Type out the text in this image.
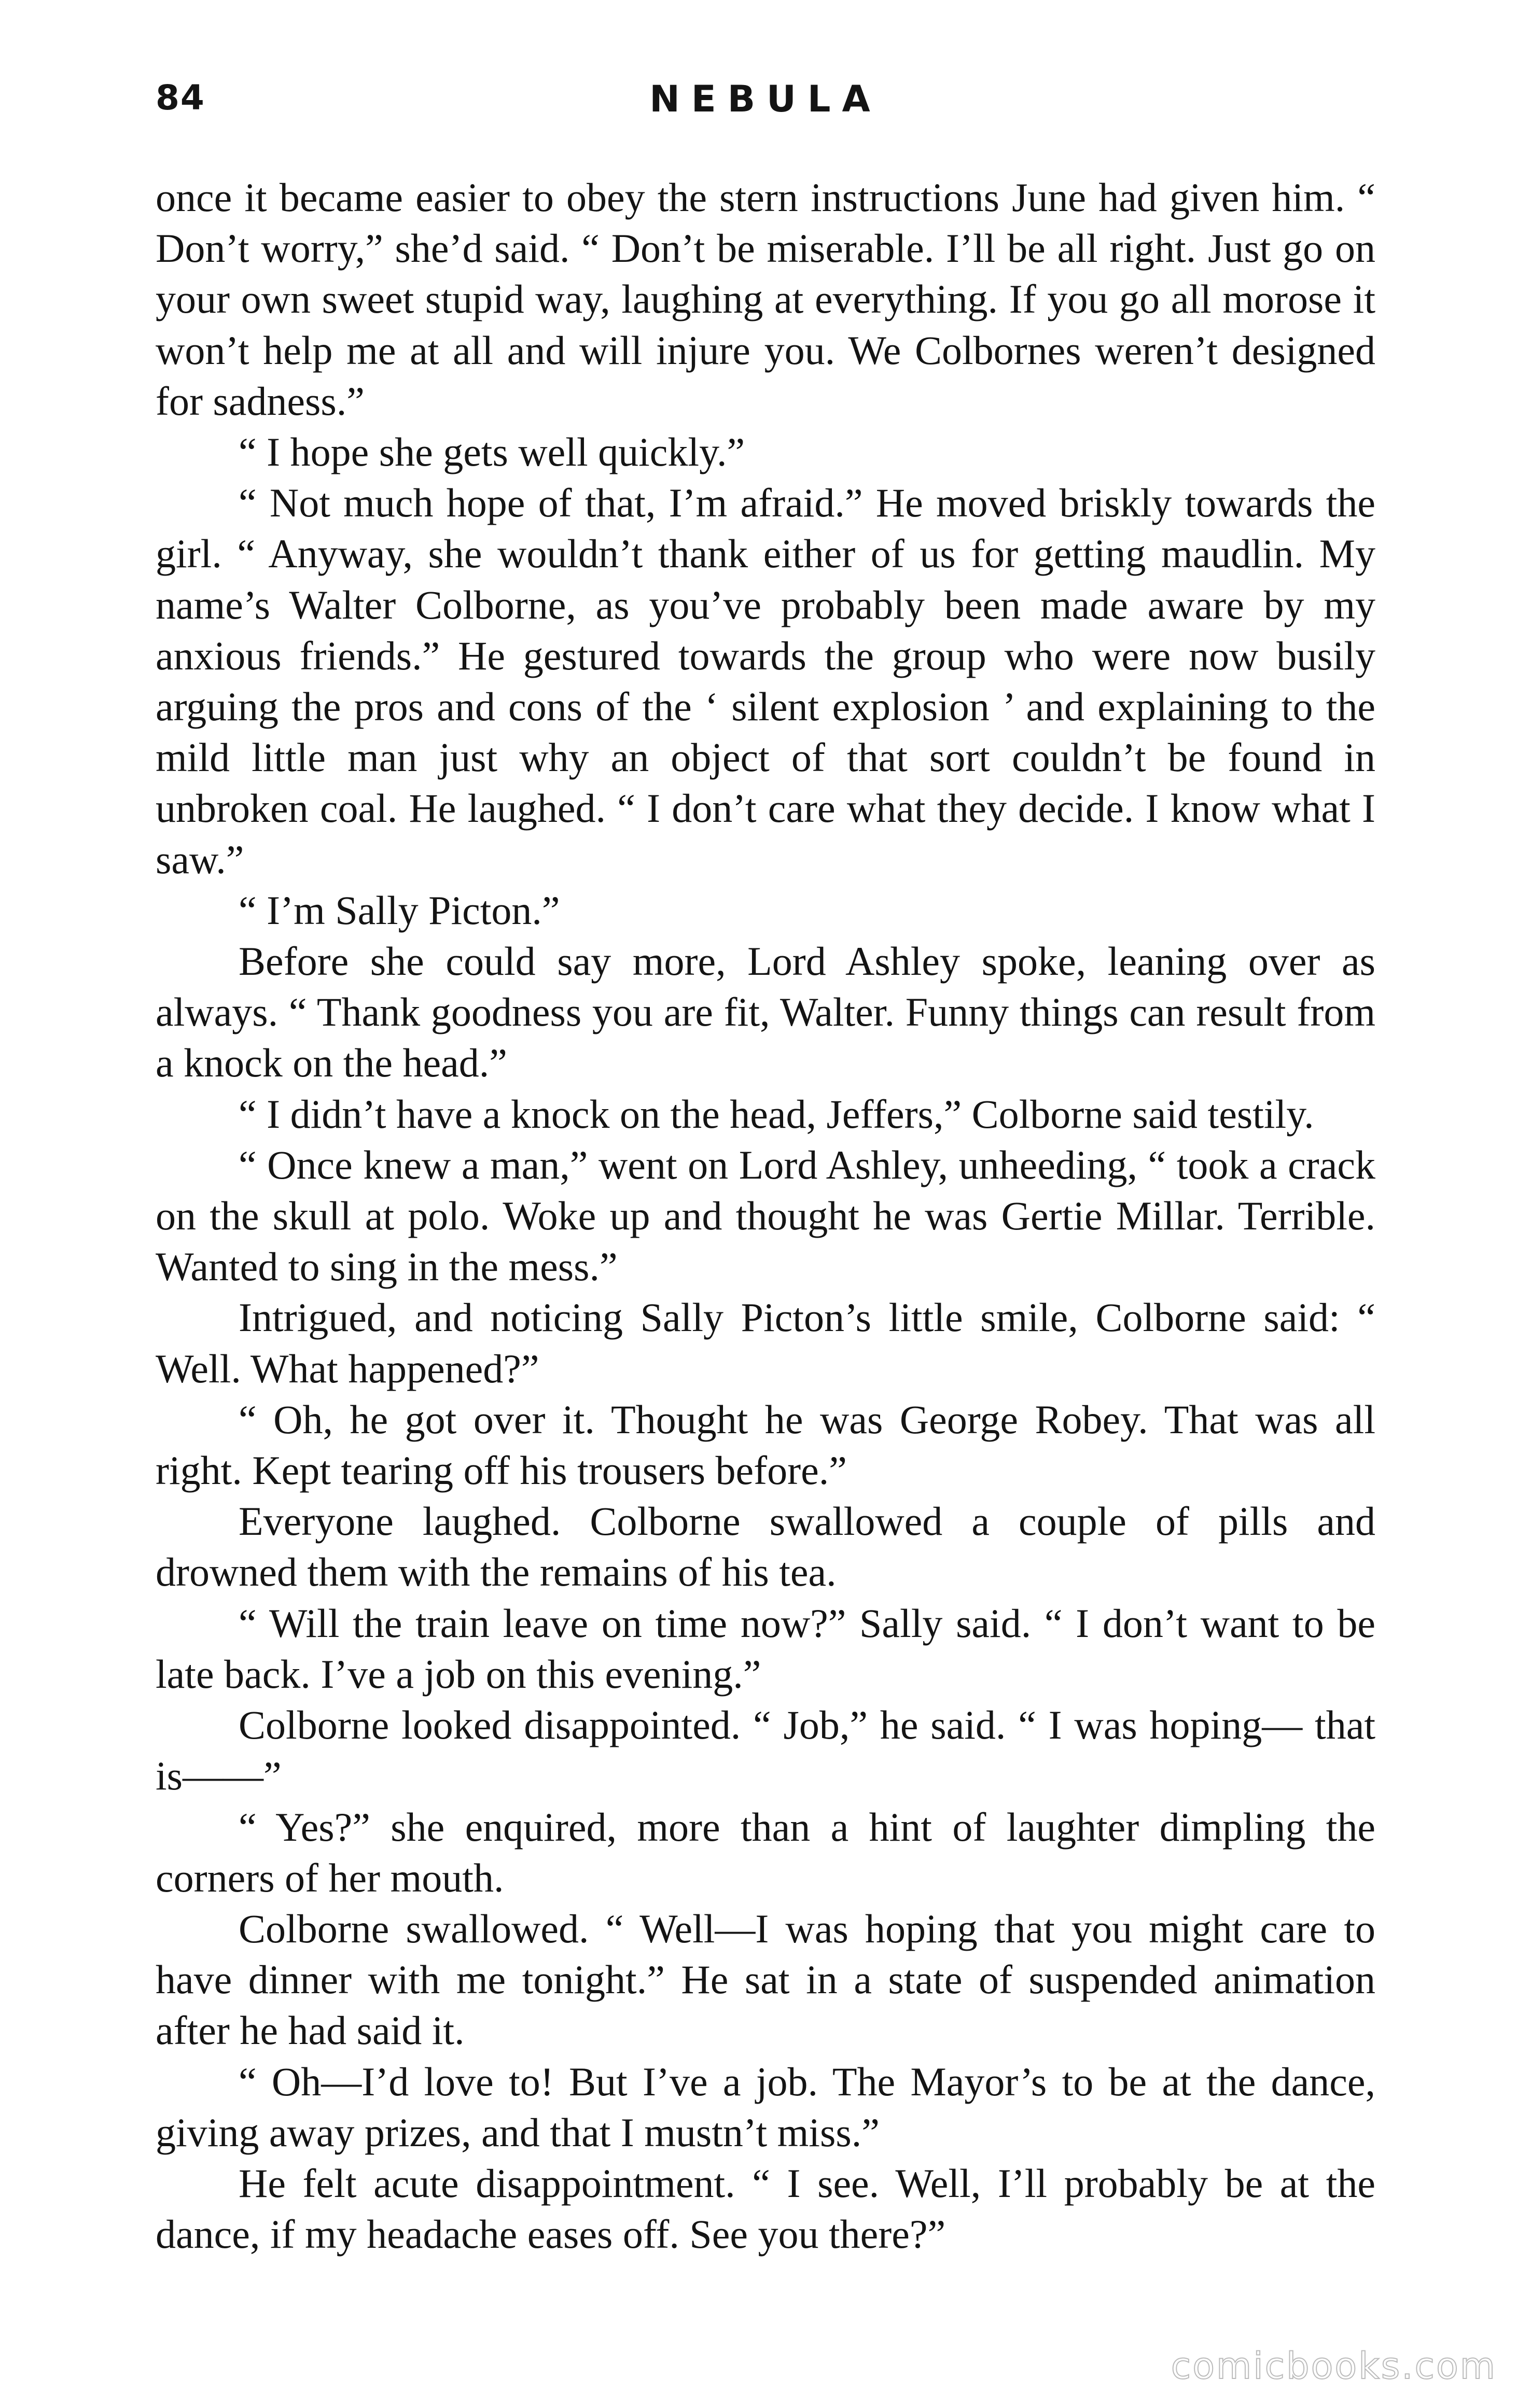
84	NEBULA

once it became easier to obey the stern instructions June had given him. “ Don’t worry,” she’d said. “ Don’t be miserable. I’ll be all right. Just go on your own sweet stupid way, laughing at everything. If you go all morose it won’t help me at all and will injure you. We Colbornes weren’t designed for sadness.”

“ I hope she gets well quickly.”

“ Not much hope of that, I’m afraid.” He moved briskly towards the girl. “ Anyway, she wouldn’t thank either of us for getting maudlin. My name’s Walter Colborne, as you’ve probably been made aware by my anxious friends.” He gestured towards the group who were now busily arguing the pros and cons of the ‘ silent explosion ’ and explaining to the mild little man just why an object of that sort couldn’t be found in unbroken coal. He laughed. “ I don’t care what they decide. I know what I saw.”

“ I’m Sally Picton.”

Before she could say more, Lord Ashley spoke, leaning over as always. “ Thank goodness you are fit, Walter. Funny things can result from a knock on the head.”

“ I didn’t have a knock on the head, Jeffers,” Colborne said testily.

“ Once knew a man,” went on Lord Ashley, unheeding, “ took a crack on the skull at polo. Woke up and thought he was Gertie Millar. Terrible. Wanted to sing in the mess.”

Intrigued, and noticing Sally Picton’s little smile, Colborne said: “ Well. What happened?”

“ Oh, he got over it. Thought he was George Robey. That was all right. Kept tearing off his trousers before.”

Everyone laughed. Colborne swallowed a couple of pills and drowned them with the remains of his tea.

“ Will the train leave on time now?” Sally said. “ I don’t want to be late back. I’ve a job on this evening.”

Colborne looked disappointed. “ Job,” he said. “ I was hoping— that is——”

“ Yes?” she enquired, more than a hint of laughter dimpling the corners of her mouth.

Colborne swallowed. “ Well—I was hoping that you might care to have dinner with me tonight.” He sat in a state of suspended animation after he had said it.

“ Oh—I’d love to! But I’ve a job. The Mayor’s to be at the dance, giving away prizes, and that I mustn’t miss.”

He felt acute disappointment. “ I see. Well, I’ll probably be at the dance, if my headache eases off. See you there?”

comicbooks.com
